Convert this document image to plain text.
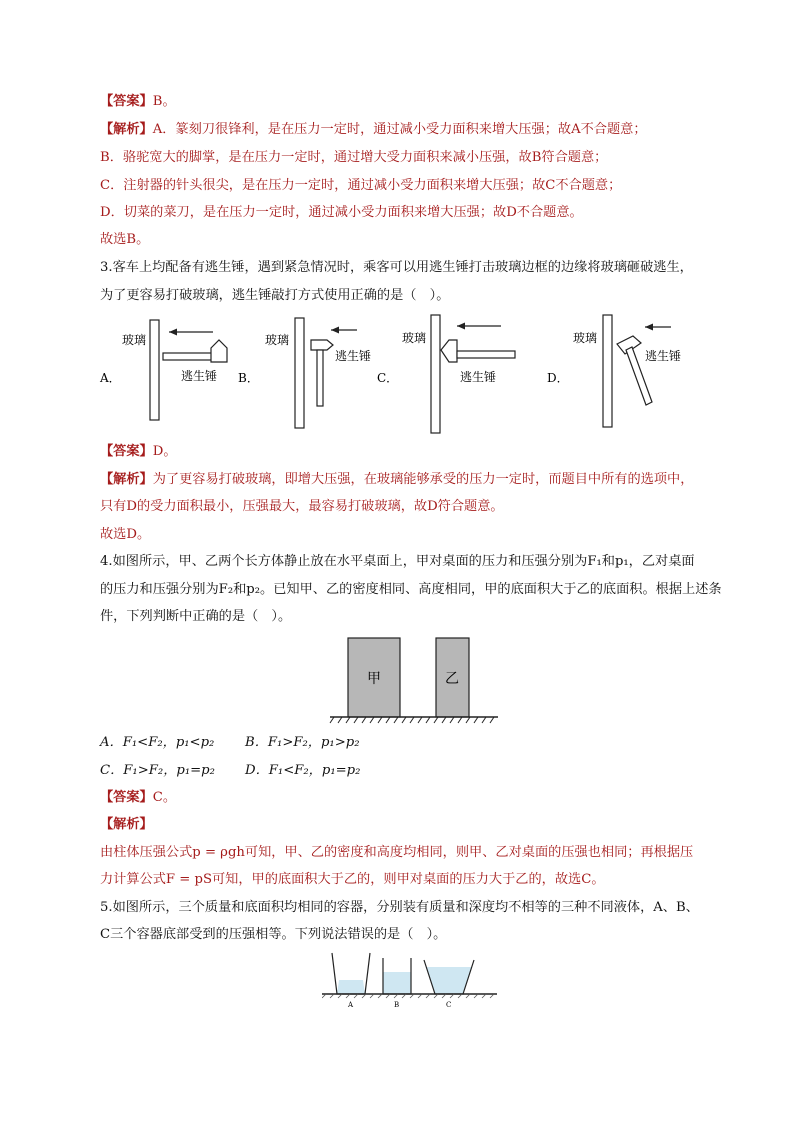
【答案】B。
【解析】A．篆刻刀很锋利，是在压力一定时，通过减小受力面积来增大压强；故A不合题意；
B．骆驼宽大的脚掌，是在压力一定时，通过增大受力面积来减小压强，故B符合题意；
C．注射器的针头很尖，是在压力一定时，通过减小受力面积来增大压强；故C不合题意；
D．切菜的菜刀，是在压力一定时，通过减小受力面积来增大压强；故D不合题意。
故选B。
3.客车上均配备有逃生锤，遇到紧急情况时，乘客可以用逃生锤打击玻璃边框的边缘将玻璃砸破逃生，
为了更容易打破玻璃，逃生锤敲打方式使用正确的是（　）。
A．
玻璃
逃生锤 B．
玻璃
逃生锤
C．
玻璃
逃生锤	D．
玻璃
逃生锤
【答案】D。
【解析】为了更容易打破玻璃，即增大压强，在玻璃能够承受的压力一定时，而题目中所有的选项中，
只有D的受力面积最小，压强最大，最容易打破玻璃，故D符合题意。
故选D。
4.如图所示，甲、乙两个长方体静止放在水平桌面上，甲对桌面的压力和压强分别为F₁和p₁，乙对桌面
的压力和压强分别为F₂和p₂。已知甲、乙的密度相同、高度相同，甲的底面积大于乙的底面积。根据上述条
件，下列判断中正确的是（　）。
甲	乙
A．F₁<F₂，p₁<p₂ B．F₁>F₂，p₁>p₂
C．F₁>F₂，p₁=p₂ D．F₁<F₂，p₁=p₂
【答案】C。
【解析】
由柱体压强公式p = ρgh可知，甲、乙的密度和高度均相同，则甲、乙对桌面的压强也相同；再根据压
力计算公式F = pS可知，甲的底面积大于乙的，则甲对桌面的压力大于乙的，故选C。
5.如图所示，三个质量和底面积均相同的容器，分别装有质量和深度均不相等的三种不同液体，A、B、
C三个容器底部受到的压强相等。下列说法错误的是（　）。
A	B	C
